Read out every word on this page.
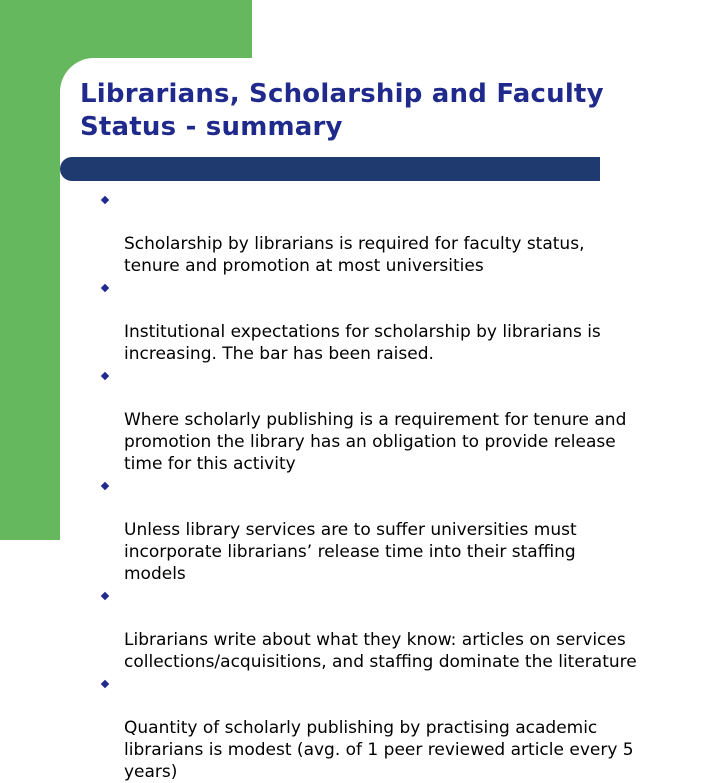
Librarians, Scholarship and Faculty
Status - summary

Scholarship by librarians is required for faculty status,
tenure and promotion at most universities

Institutional expectations for scholarship by librarians is
increasing. The bar has been raised.

Where scholarly publishing is a requirement for tenure and
promotion the library has an obligation to provide release
time for this activity

Unless library services are to suffer universities must
incorporate librarians’ release time into their staffing
models

Librarians write about what they know: articles on services
collections/acquisitions, and staffing dominate the literature

Quantity of scholarly publishing by practising academic
librarians is modest (avg. of 1 peer reviewed article every 5
years)
